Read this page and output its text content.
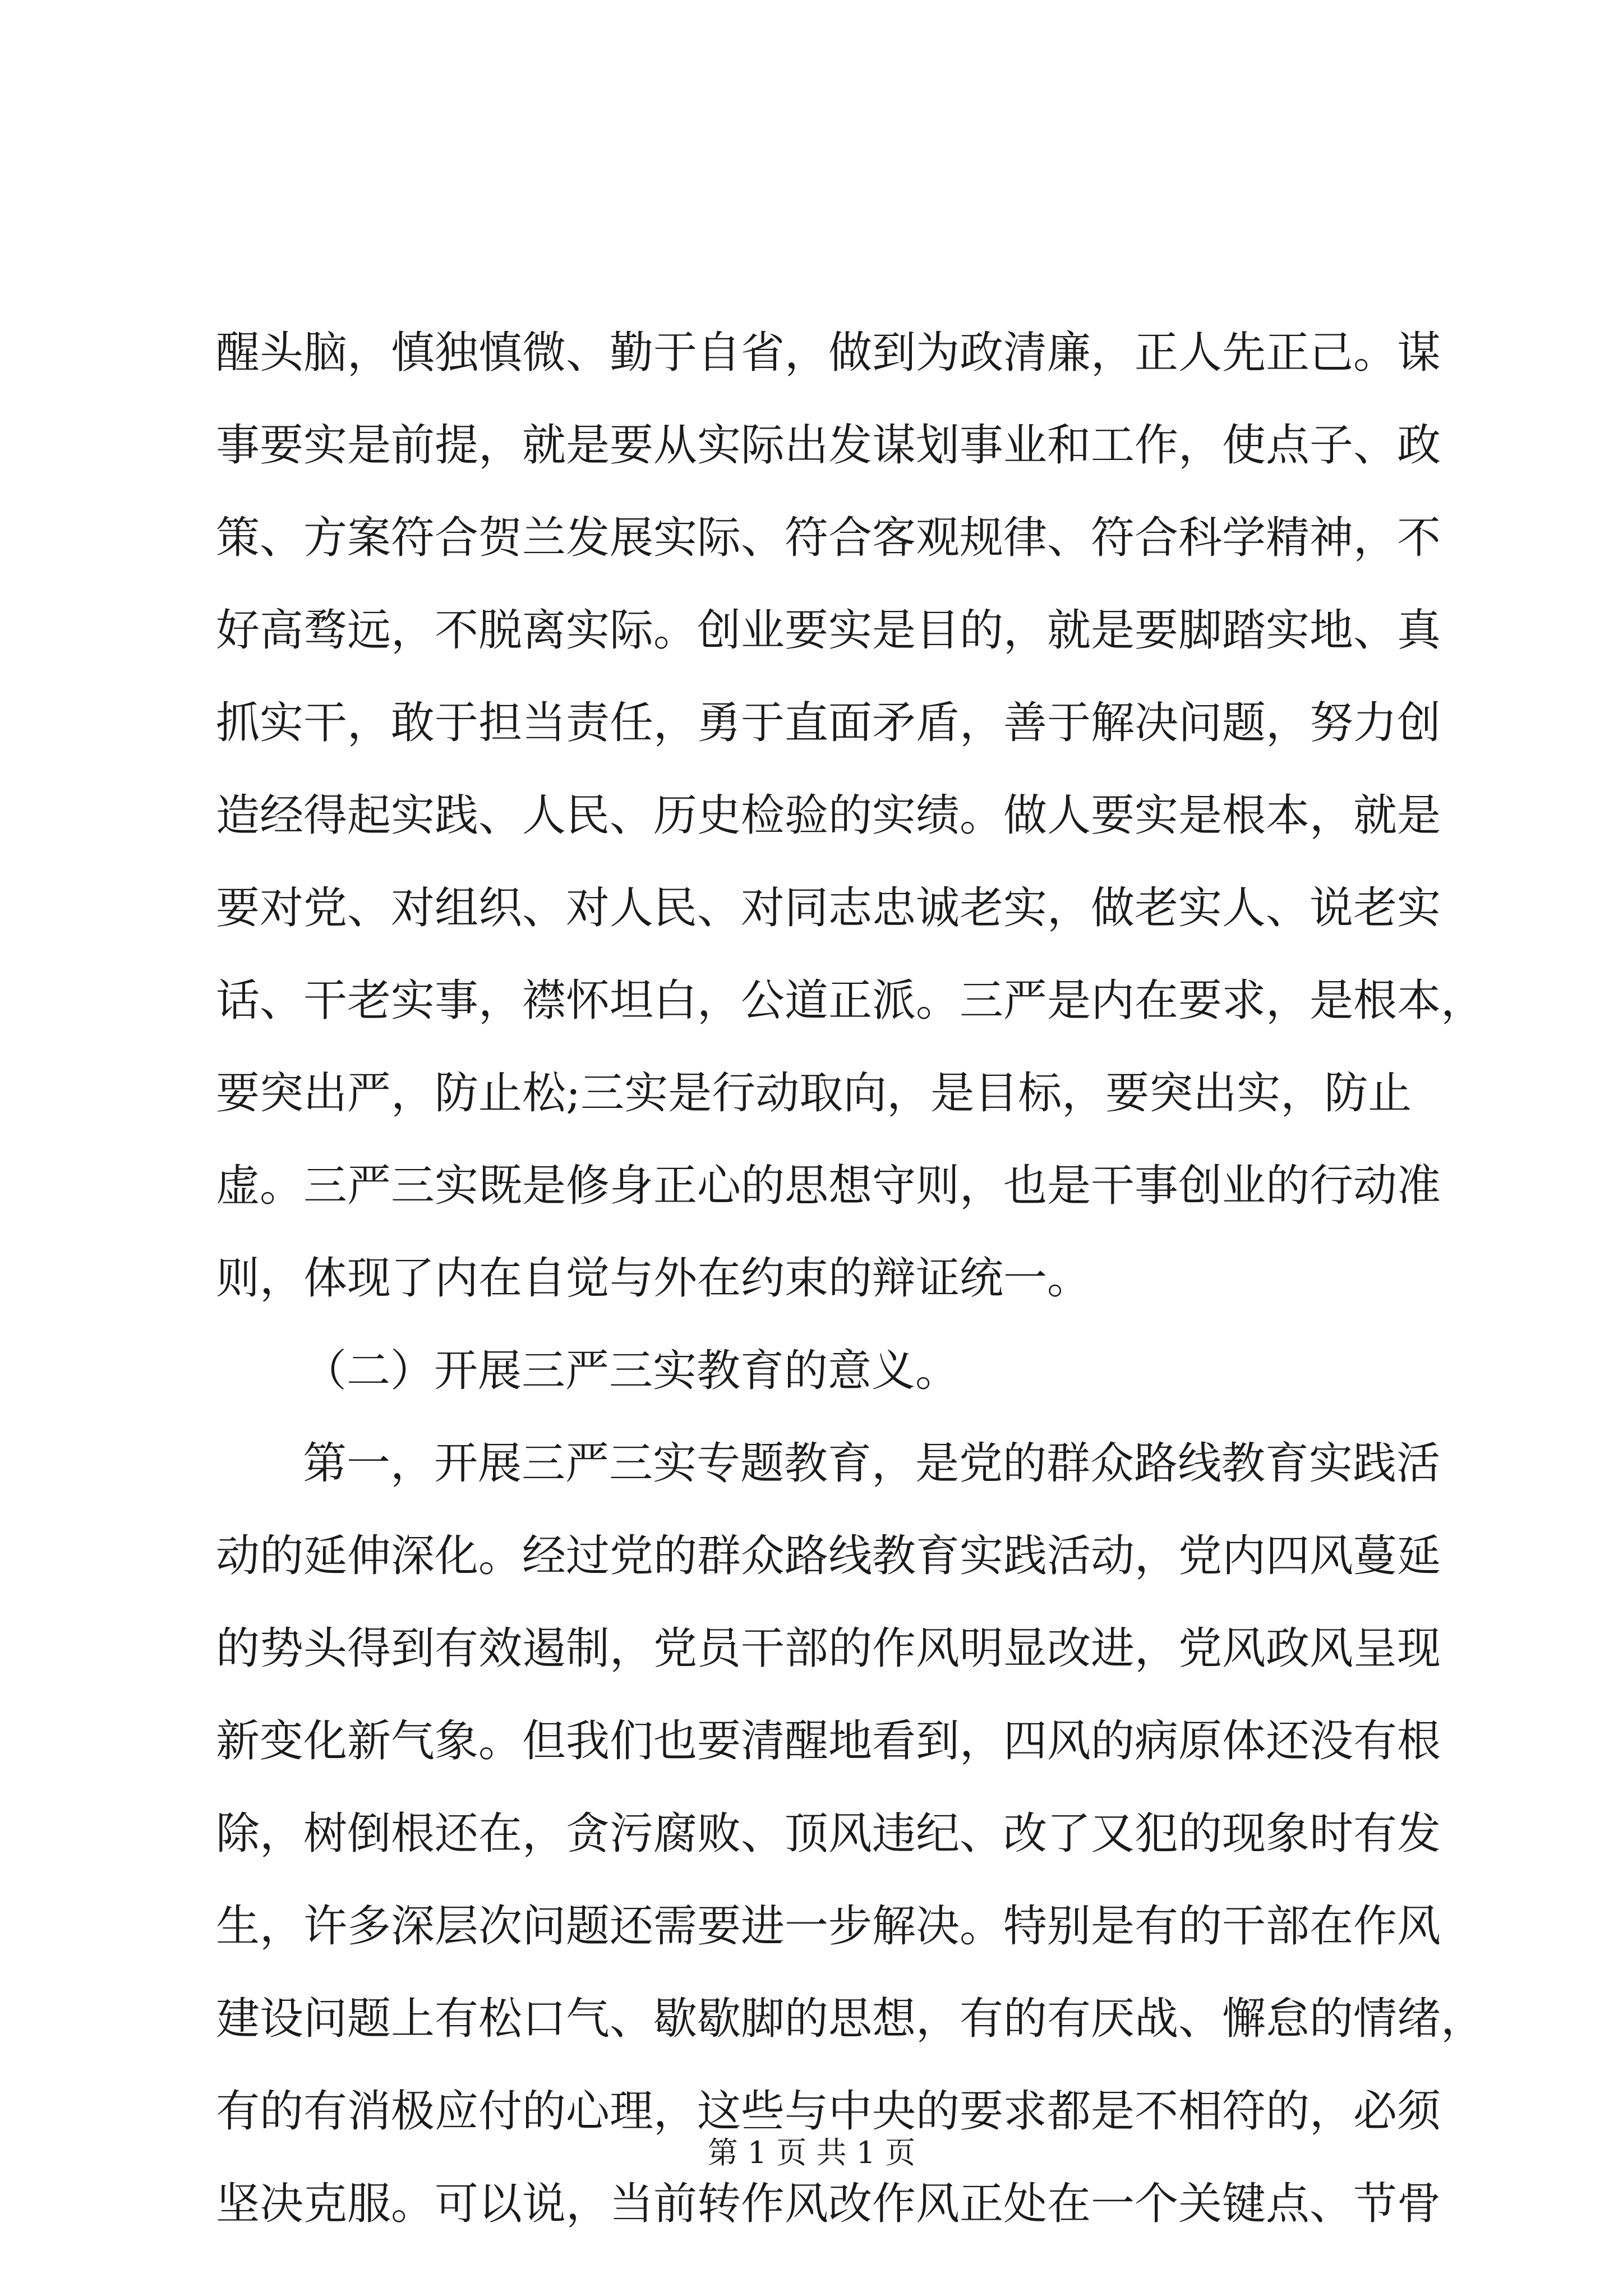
醒头脑，慎独慎微、勤于自省，做到为政清廉，正人先正己。谋
事要实是前提，就是要从实际出发谋划事业和工作，使点子、政
策、方案符合贺兰发展实际、符合客观规律、符合科学精神，不
好高骛远，不脱离实际。创业要实是目的，就是要脚踏实地、真
抓实干，敢于担当责任，勇于直面矛盾，善于解决问题，努力创
造经得起实践、人民、历史检验的实绩。做人要实是根本，就是
要对党、对组织、对人民、对同志忠诚老实，做老实人、说老实
话、干老实事，襟怀坦白，公道正派。三严是内在要求，是根本，
要突出严，防止松;三实是行动取向，是目标，要突出实，防止
虚。三严三实既是修身正心的思想守则，也是干事创业的行动准
则，体现了内在自觉与外在约束的辩证统一。
（二）开展三严三实教育的意义。
第一，开展三严三实专题教育，是党的群众路线教育实践活
动的延伸深化。经过党的群众路线教育实践活动，党内四风蔓延
的势头得到有效遏制，党员干部的作风明显改进，党风政风呈现
新变化新气象。但我们也要清醒地看到，四风的病原体还没有根
除，树倒根还在，贪污腐败、顶风违纪、改了又犯的现象时有发
生，许多深层次问题还需要进一步解决。特别是有的干部在作风
建设问题上有松口气、歇歇脚的思想，有的有厌战、懈怠的情绪，
有的有消极应付的心理，这些与中央的要求都是不相符的，必须
坚决克服。可以说，当前转作风改作风正处在一个关键点、节骨
第 1 页 共 1 页
